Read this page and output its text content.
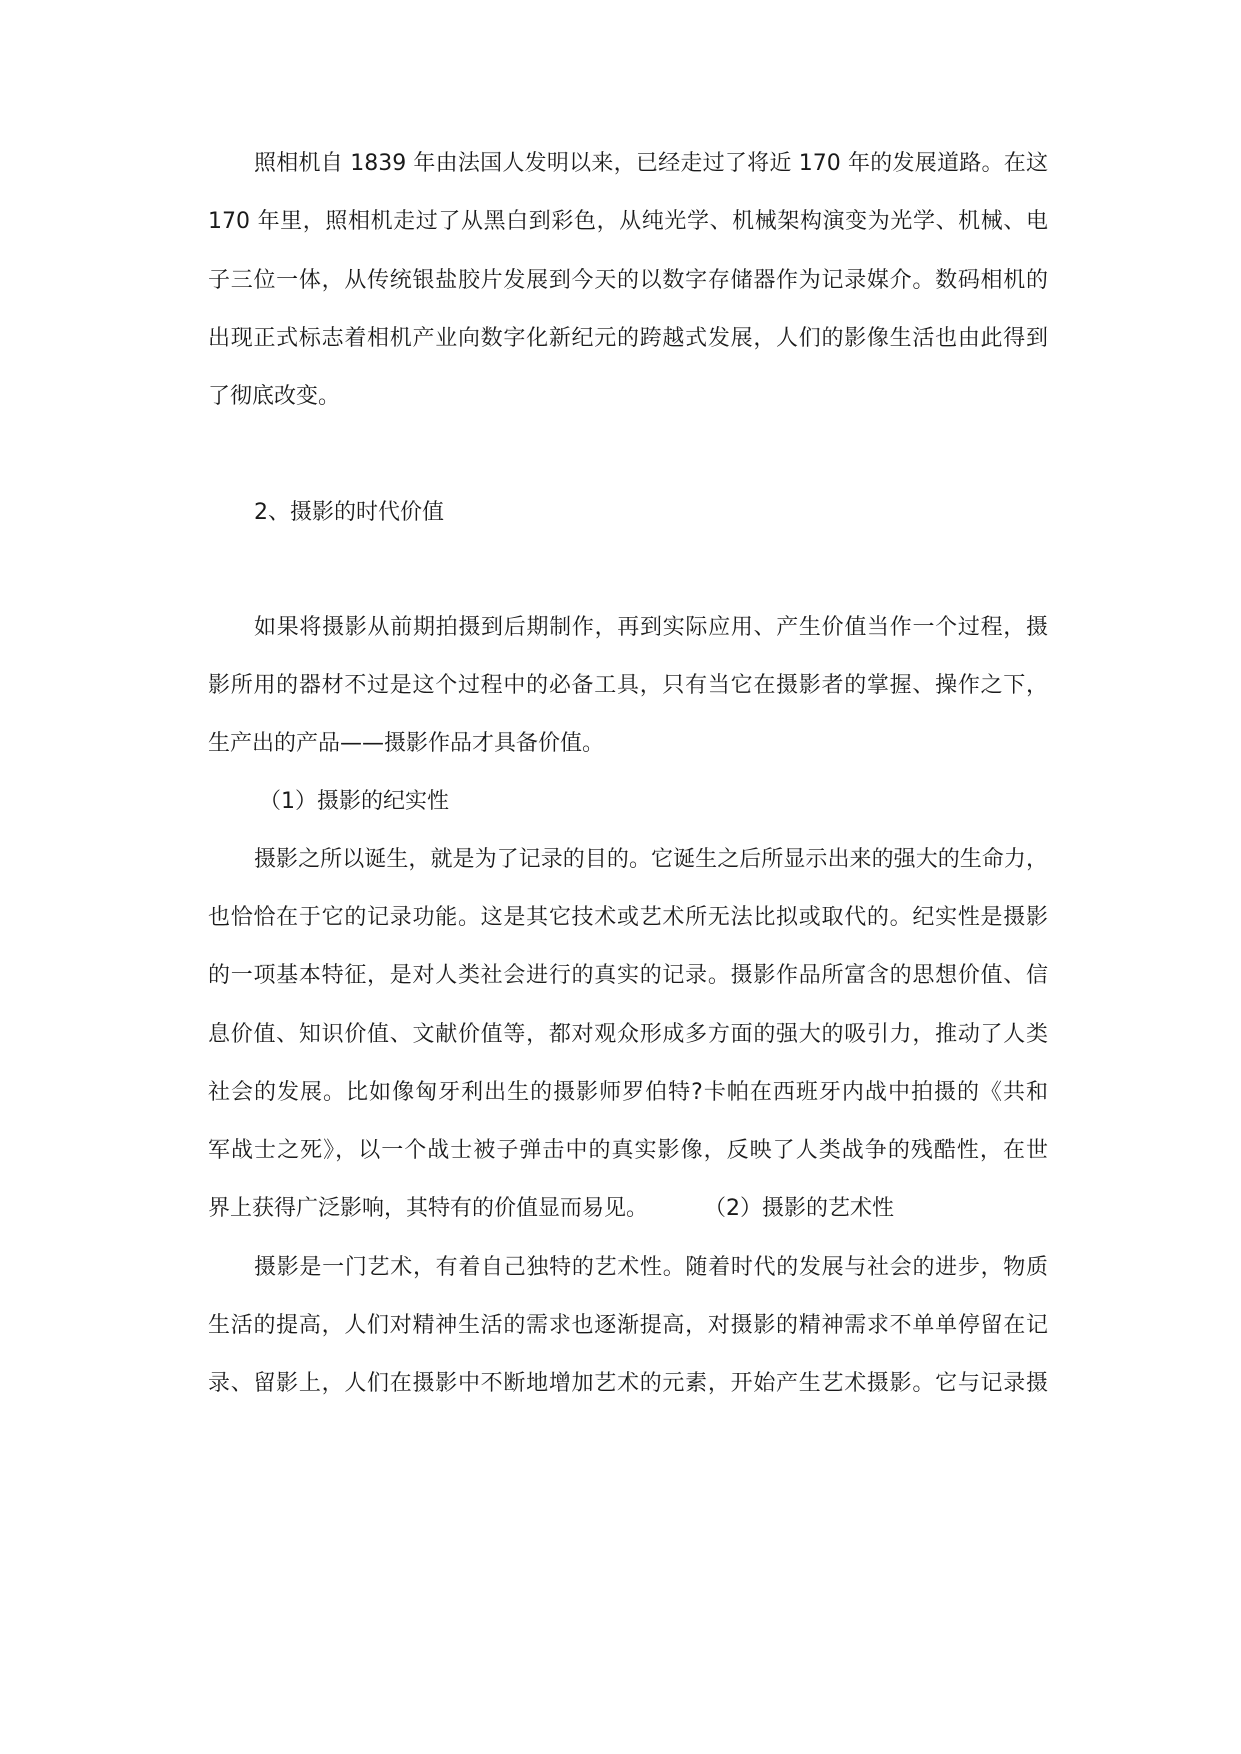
照相机自 1839 年由法国人发明以来，已经走过了将近 170 年的发展道路。在这
170 年里，照相机走过了从黑白到彩色，从纯光学、机械架构演变为光学、机械、电
子三位一体，从传统银盐胶片发展到今天的以数字存储器作为记录媒介。数码相机的
出现正式标志着相机产业向数字化新纪元的跨越式发展，人们的影像生活也由此得到
了彻底改变。
2、摄影的时代价值
如果将摄影从前期拍摄到后期制作，再到实际应用、产生价值当作一个过程，摄
影所用的器材不过是这个过程中的必备工具，只有当它在摄影者的掌握、操作之下，
生产出的产品——摄影作品才具备价值。
（1）摄影的纪实性
摄影之所以诞生，就是为了记录的目的。它诞生之后所显示出来的强大的生命力，
也恰恰在于它的记录功能。这是其它技术或艺术所无法比拟或取代的。纪实性是摄影
的一项基本特征，是对人类社会进行的真实的记录。摄影作品所富含的思想价值、信
息价值、知识价值、文献价值等，都对观众形成多方面的强大的吸引力，推动了人类
社会的发展。比如像匈牙利出生的摄影师罗伯特?卡帕在西班牙内战中拍摄的《共和
军战士之死》，以一个战士被子弹击中的真实影像，反映了人类战争的残酷性，在世
界上获得广泛影响，其特有的价值显而易见。        （2）摄影的艺术性
摄影是一门艺术，有着自己独特的艺术性。随着时代的发展与社会的进步，物质
生活的提高，人们对精神生活的需求也逐渐提高，对摄影的精神需求不单单停留在记
录、留影上，人们在摄影中不断地增加艺术的元素，开始产生艺术摄影。它与记录摄
